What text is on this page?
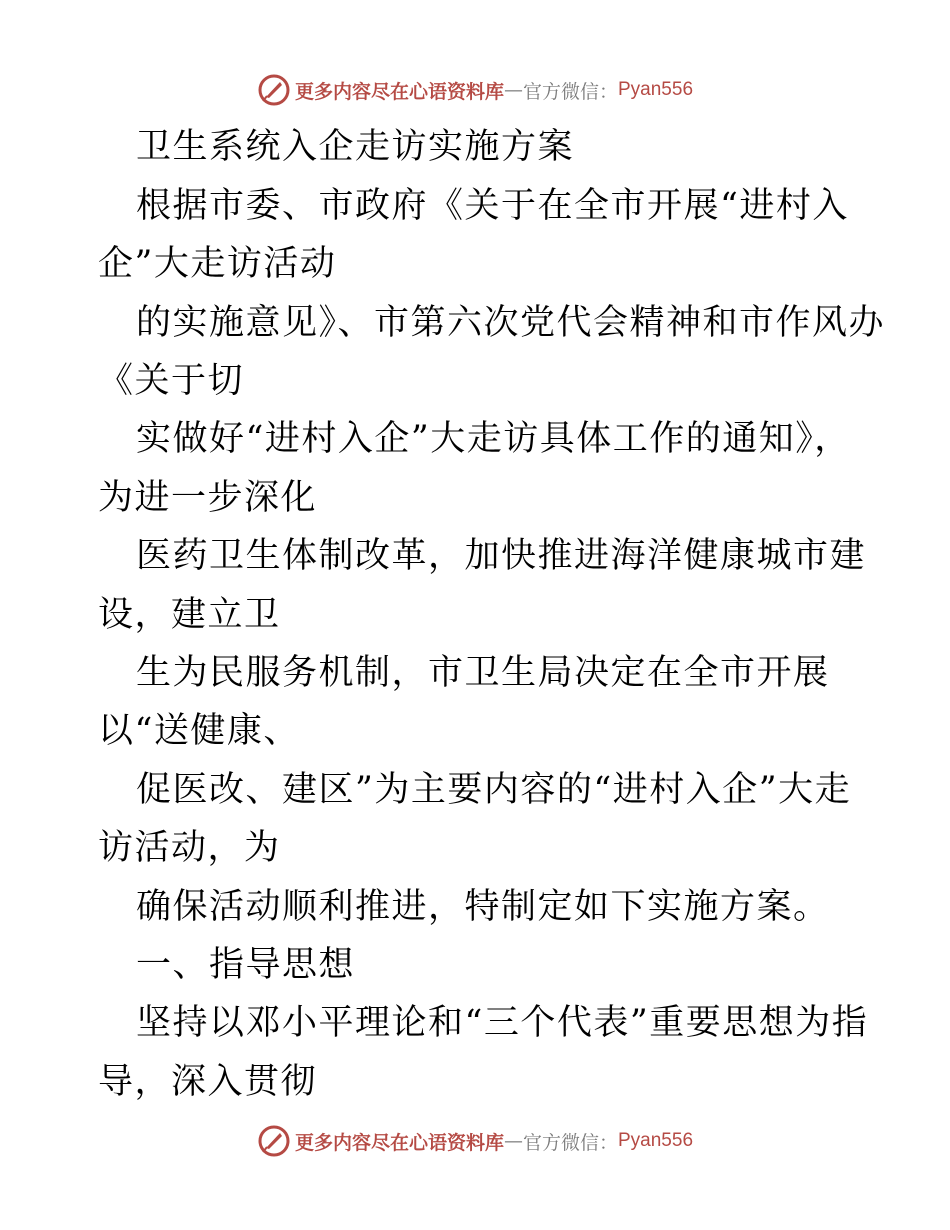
更多内容尽在心语资料库 — 官方微信： Pyan556
卫生系统入企走访实施方案
根据市委、市政府《关于在全市开展“进村入
企”大走访活动
的实施意见》、市第六次党代会精神和市作风办
《关于切
实做好“进村入企”大走访具体工作的通知》，
为进一步深化
医药卫生体制改革，加快推进海洋健康城市建
设，建立卫
生为民服务机制，市卫生局决定在全市开展
以“送健康、
促医改、建区”为主要内容的“进村入企”大走
访活动，为
确保活动顺利推进，特制定如下实施方案。
一、指导思想
坚持以邓小平理论和“三个代表”重要思想为指
导，深入贯彻
更多内容尽在心语资料库 — 官方微信： Pyan556
